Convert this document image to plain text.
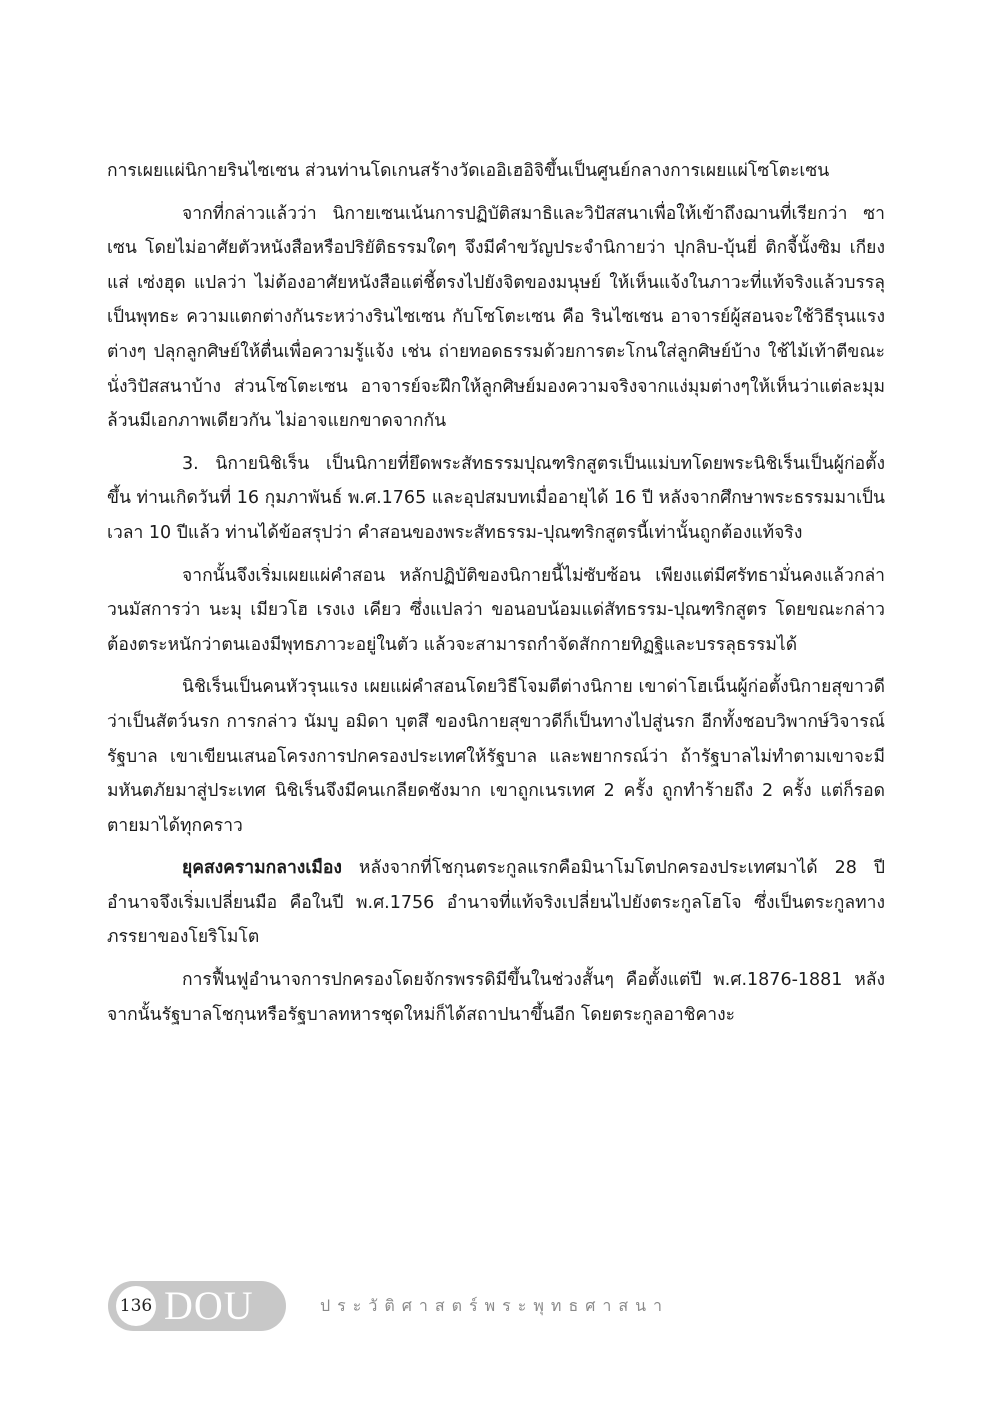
การเผยแผ่นิกายรินไซเซน ส่วนท่านโดเกนสร้างวัดเออิเฮอิจิขึ้นเป็นศูนย์กลางการเผยแผ่โซโตะเซน

จากที่กล่าวแล้วว่า นิกายเซนเน้นการปฏิบัติสมาธิและวิปัสสนาเพื่อให้เข้าถึงฌานที่เรียกว่า ซาเซน โดยไม่อาศัยตัวหนังสือหรือปริยัติธรรมใดๆ จึงมีคำขวัญประจำนิกายว่า ปุกลิบ-บุ้นยี่ ติกจี้นั้งซิม เกียงแส่ เซ่งฮุด แปลว่า ไม่ต้องอาศัยหนังสือแต่ชี้ตรงไปยังจิตของมนุษย์ ให้เห็นแจ้งในภาวะที่แท้จริงแล้วบรรลุเป็นพุทธะ ความแตกต่างกันระหว่างรินไซเซน กับโซโตะเซน คือ รินไซเซน อาจารย์ผู้สอนจะใช้วิธีรุนแรงต่างๆ ปลุกลูกศิษย์ให้ตื่นเพื่อความรู้แจ้ง เช่น ถ่ายทอดธรรมด้วยการตะโกนใส่ลูกศิษย์บ้าง ใช้ไม้เท้าตีขณะนั่งวิปัสสนาบ้าง ส่วนโซโตะเซน อาจารย์จะฝึกให้ลูกศิษย์มองความจริงจากแง่มุมต่างๆให้เห็นว่าแต่ละมุมล้วนมีเอกภาพเดียวกัน ไม่อาจแยกขาดจากกัน

3. นิกายนิชิเร็น เป็นนิกายที่ยึดพระสัทธรรมปุณฑริกสูตรเป็นแม่บทโดยพระนิชิเร็นเป็นผู้ก่อตั้งขึ้น ท่านเกิดวันที่ 16 กุมภาพันธ์ พ.ศ.1765 และอุปสมบทเมื่ออายุได้ 16 ปี หลังจากศึกษาพระธรรมมาเป็นเวลา 10 ปีแล้ว ท่านได้ข้อสรุปว่า คำสอนของพระสัทธรรม-ปุณฑริกสูตรนี้เท่านั้นถูกต้องแท้จริง

จากนั้นจึงเริ่มเผยแผ่คำสอน หลักปฏิบัติของนิกายนี้ไม่ซับซ้อน เพียงแต่มีศรัทธามั่นคงแล้วกล่าวนมัสการว่า นะมุ เมียวโฮ เรงเง เคียว ซึ่งแปลว่า ขอนอบน้อมแด่สัทธรรม-ปุณฑริกสูตร โดยขณะกล่าวต้องตระหนักว่าตนเองมีพุทธภาวะอยู่ในตัว แล้วจะสามารถกำจัดสักกายทิฏฐิและบรรลุธรรมได้

นิชิเร็นเป็นคนหัวรุนแรง เผยแผ่คำสอนโดยวิธีโจมตีต่างนิกาย เขาด่าโฮเน็นผู้ก่อตั้งนิกายสุขาวดีว่าเป็นสัตว์นรก การกล่าว นัมบู อมิดา บุตสึ ของนิกายสุขาวดีก็เป็นทางไปสู่นรก อีกทั้งชอบวิพากษ์วิจารณ์รัฐบาล เขาเขียนเสนอโครงการปกครองประเทศให้รัฐบาล และพยากรณ์ว่า ถ้ารัฐบาลไม่ทำตามเขาจะมีมหันตภัยมาสู่ประเทศ นิชิเร็นจึงมีคนเกลียดชังมาก เขาถูกเนรเทศ 2 ครั้ง ถูกทำร้ายถึง 2 ครั้ง แต่ก็รอดตายมาได้ทุกคราว

ยุคสงครามกลางเมือง หลังจากที่โชกุนตระกูลแรกคือมินาโมโตปกครองประเทศมาได้ 28 ปี อำนาจจึงเริ่มเปลี่ยนมือ คือในปี พ.ศ.1756 อำนาจที่แท้จริงเปลี่ยนไปยังตระกูลโฮโจ ซึ่งเป็นตระกูลทางภรรยาของโยริโมโต

การฟื้นฟูอำนาจการปกครองโดยจักรพรรดิมีขึ้นในช่วงสั้นๆ คือตั้งแต่ปี พ.ศ.1876-1881 หลังจากนั้นรัฐบาลโชกุนหรือรัฐบาลทหารชุดใหม่ก็ได้สถาปนาขึ้นอีก โดยตระกูลอาชิคางะ

136 DOU	ประวัติศาสตร์พระพุทธศาสนา
